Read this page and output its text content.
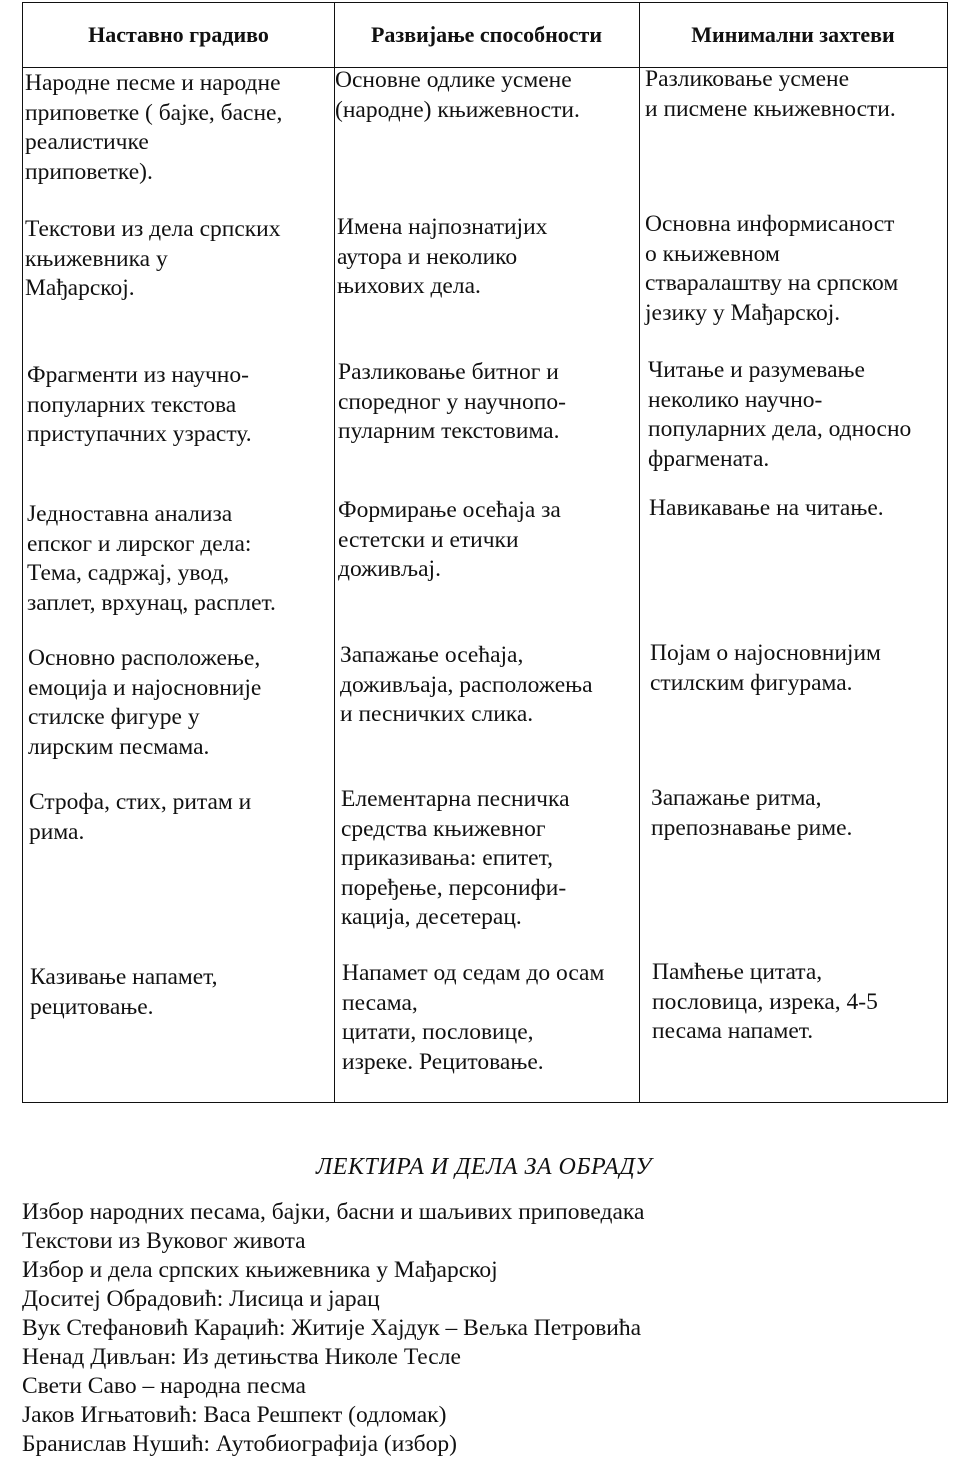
Наставно градиво	Развијање способности	Минимални захтеви
Народне песме и народне
приповетке ( бајке, басне,
реалистичке
приповетке).
Основне одлике усмене
(народне) књижевности.
Разликовање усмене
и писмене књижевности.
Текстови из дела српских
књижевника у
Мађарској.
Имена најпознатијих
аутора и неколико
њихових дела.
Основна информисаност
о књижевном
стваралаштву на српском
језику у Мађарској.
Фрагменти из научно-
популарних текстова
приступачних узрасту.
Разликовање битног и
споредног у научнопо-
пуларним текстовима.
Читање и разумевање
неколико научно-
популарних дела, односно
фрагмената.
Једноставна анализа
епског и лирског дела:
Тема, садржај, увод,
заплет, врхунац, расплет.
Формирање осећаја за
естетски и етички
доживљај.
Навикавање на читање.
Основно расположење,
емоција и најосновније
стилске фигуре у
лирским песмама.
Запажање осећаја,
доживљаја, расположења
и песничких слика.
Појам о најосновнијим
стилским фигурама.
Строфа, стих, ритам и
рима.
Елементарна песничка
средства књижевног
приказивања: епитет,
поређење, персонифи-
кација, десетерац.
Запажање ритма,
препознавање риме.
Казивање напамет,
рецитовање.
Напамет од седам до осам
песама,
цитати, пословице,
изреке. Рецитовање.
Памћење цитата,
пословица, изрека, 4-5
песама напамет.
ЛЕКТИРА И ДЕЛА ЗА ОБРАДУ
Избор народних песама, бајки, басни и шаљивих приповедака
Текстови из Вуковог живота
Избор и дела српских књижевника у Мађарској
Доситеј Обрадовић: Лисица и јарац
Вук Стефановић Караџић: Житије Хајдук – Вељка Петровића
Ненад Дивљан: Из детињства Николе Тесле
Свети Саво – народна песма
Јаков Игњатовић: Васа Решпект (одломак)
Бранислав Нушић: Аутобиографија (избор)
